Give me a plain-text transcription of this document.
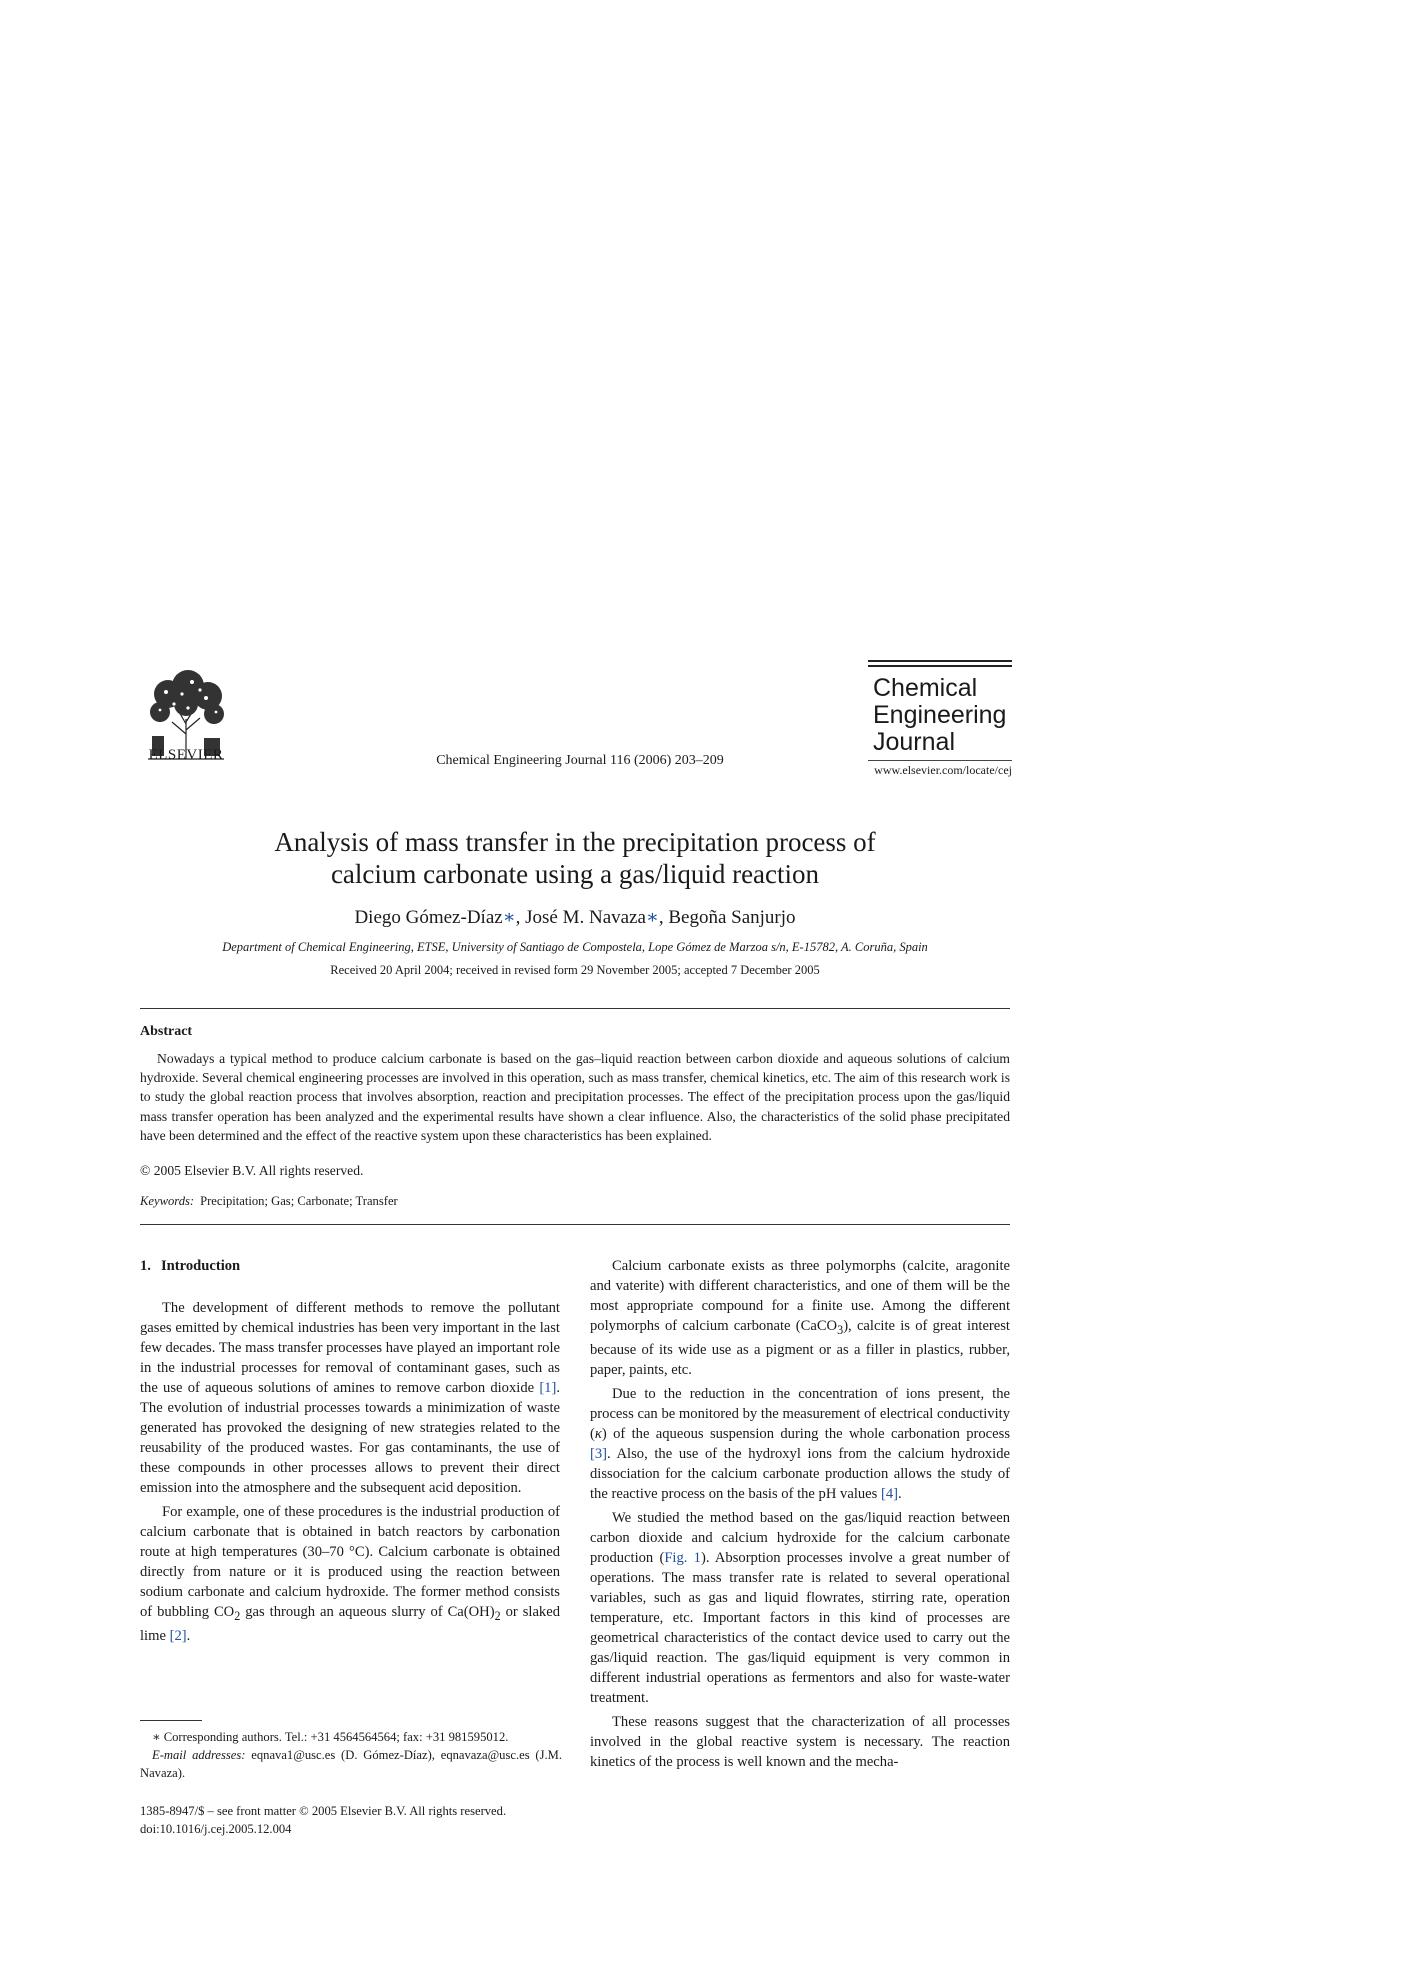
ELSEVIER	Chemical Engineering Journal 116 (2006) 203–209
Chemical
Engineering
Journal
www.elsevier.com/locate/cej
Analysis of mass transfer in the precipitation process of
calcium carbonate using a gas/liquid reaction
Diego Gómez-Díaz∗, José M. Navaza∗, Begoña Sanjurjo
Department of Chemical Engineering, ETSE, University of Santiago de Compostela, Lope Gómez de Marzoa s/n, E-15782, A. Coruña, Spain
Received 20 April 2004; received in revised form 29 November 2005; accepted 7 December 2005
Abstract

Nowadays a typical method to produce calcium carbonate is based on the gas–liquid reaction between carbon dioxide and aqueous solutions of calcium hydroxide. Several chemical engineering processes are involved in this operation, such as mass transfer, chemical kinetics, etc. The aim of this research work is to study the global reaction process that involves absorption, reaction and precipitation processes. The effect of the precipitation process upon the gas/liquid mass transfer operation has been analyzed and the experimental results have shown a clear influence. Also, the characteristics of the solid phase precipitated have been determined and the effect of the reactive system upon these characteristics has been explained.

© 2005 Elsevier B.V. All rights reserved.
Keywords: Precipitation; Gas; Carbonate; Transfer
1. Introduction

The development of different methods to remove the pollutant gases emitted by chemical industries has been very important in the last few decades. The mass transfer processes have played an important role in the industrial processes for removal of contaminant gases, such as the use of aqueous solutions of amines to remove carbon dioxide [1]. The evolution of industrial processes towards a minimization of waste generated has provoked the designing of new strategies related to the reusability of the produced wastes. For gas contaminants, the use of these compounds in other processes allows to prevent their direct emission into the atmosphere and the subsequent acid deposition.

For example, one of these procedures is the industrial production of calcium carbonate that is obtained in batch reactors by carbonation route at high temperatures (30–70 °C). Calcium carbonate is obtained directly from nature or it is produced using the reaction between sodium carbonate and calcium hydroxide. The former method consists of bubbling $CO_2$ gas through an aqueous slurry of $Ca(OH)_2$ or slaked lime [2].

Calcium carbonate exists as three polymorphs (calcite, aragonite and vaterite) with different characteristics, and one of them will be the most appropriate compound for a finite use. Among the different polymorphs of calcium carbonate (CaCO$_3$), calcite is of great interest because of its wide use as a pigment or as a filler in plastics, rubber, paper, paints, etc.

Due to the reduction in the concentration of ions present, the process can be monitored by the measurement of electrical conductivity (κ) of the aqueous suspension during the whole carbonation process [3]. Also, the use of the hydroxyl ions from the calcium hydroxide dissociation for the calcium carbonate production allows the study of the reactive process on the basis of the pH values [4].

We studied the method based on the gas/liquid reaction between carbon dioxide and calcium hydroxide for the calcium carbonate production (Fig. 1). Absorption processes involve a great number of operations. The mass transfer rate is related to several operational variables, such as gas and liquid flowrates, stirring rate, operation temperature, etc. Important factors in this kind of processes are geometrical characteristics of the contact device used to carry out the gas/liquid reaction. The gas/liquid equipment is very common in different industrial operations as fermentors and also for waste-water treatment.

These reasons suggest that the characterization of all processes involved in the global reactive system is necessary. The reaction kinetics of the process is well known and the mecha-

∗ Corresponding authors. Tel.: +31 4564564564; fax: +31 981595012.
E-mail addresses: eqnava1@usc.es (D. Gómez-Díaz), eqnavaza@usc.es (J.M. Navaza).
1385-8947/$ – see front matter © 2005 Elsevier B.V. All rights reserved.
doi:10.1016/j.cej.2005.12.004
